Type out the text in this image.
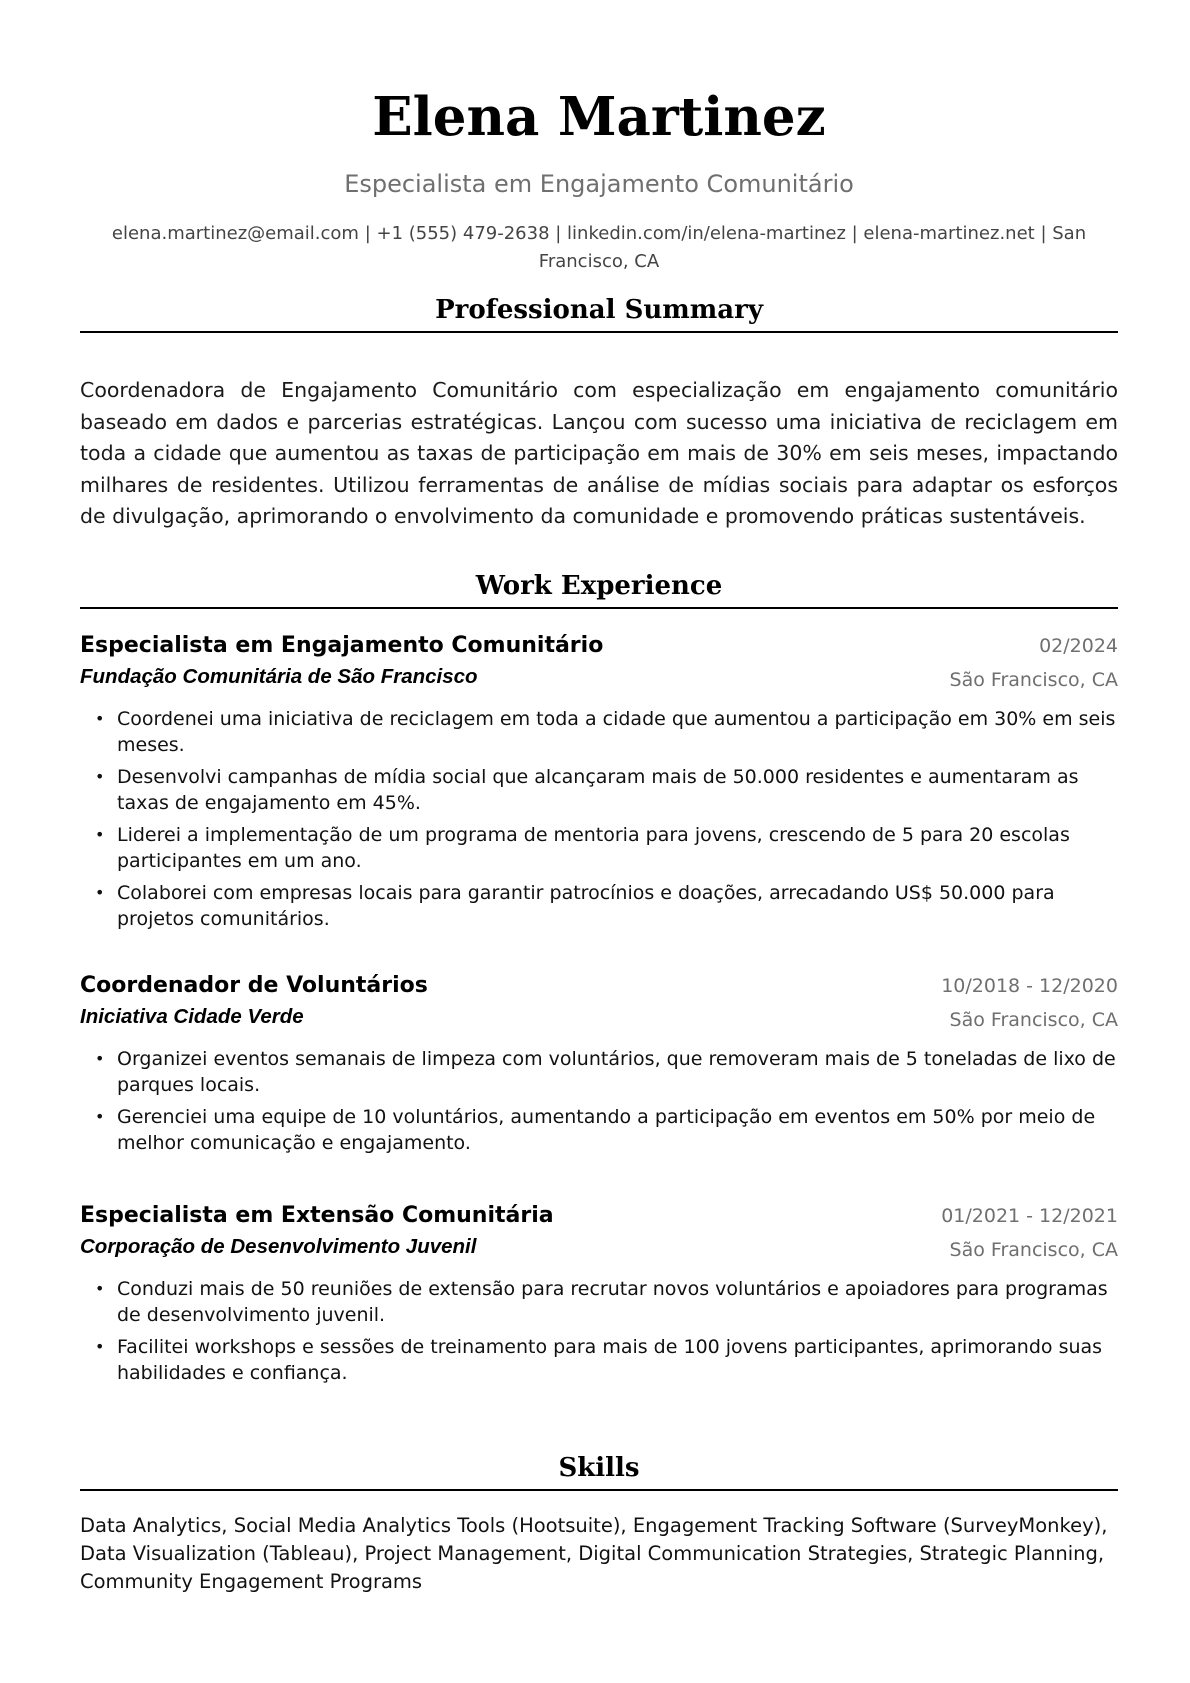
Elena Martinez

Especialista em Engajamento Comunitário

elena.martinez@email.com | +1 (555) 479-2638 | linkedin.com/in/elena-martinez | elena-martinez.net | San Francisco, CA
Professional Summary

Coordenadora de Engajamento Comunitário com especialização em engajamento comunitário baseado em dados e parcerias estratégicas. Lançou com sucesso uma iniciativa de reciclagem em toda a cidade que aumentou as taxas de participação em mais de 30% em seis meses, impactando milhares de residentes. Utilizou ferramentas de análise de mídias sociais para adaptar os esforços de divulgação, aprimorando o envolvimento da comunidade e promovendo práticas sustentáveis.

Work Experience
Especialista em Engajamento Comunitário	02/2024
Fundação Comunitária de São Francisco	São Francisco, CA
• Coordenei uma iniciativa de reciclagem em toda a cidade que aumentou a participação em 30% em seis meses.
• Desenvolvi campanhas de mídia social que alcançaram mais de 50.000 residentes e aumentaram as taxas de engajamento em 45%.
• Liderei a implementação de um programa de mentoria para jovens, crescendo de 5 para 20 escolas participantes em um ano.
• Colaborei com empresas locais para garantir patrocínios e doações, arrecadando US$ 50.000 para projetos comunitários.
Coordenador de Voluntários	10/2018 - 12/2020
Iniciativa Cidade Verde	São Francisco, CA
• Organizei eventos semanais de limpeza com voluntários, que removeram mais de 5 toneladas de lixo de parques locais.
• Gerenciei uma equipe de 10 voluntários, aumentando a participação em eventos em 50% por meio de melhor comunicação e engajamento.
Especialista em Extensão Comunitária	01/2021 - 12/2021
Corporação de Desenvolvimento Juvenil	São Francisco, CA
• Conduzi mais de 50 reuniões de extensão para recrutar novos voluntários e apoiadores para programas de desenvolvimento juvenil.
• Facilitei workshops e sessões de treinamento para mais de 100 jovens participantes, aprimorando suas habilidades e confiança.
Skills

Data Analytics, Social Media Analytics Tools (Hootsuite), Engagement Tracking Software (SurveyMonkey), Data Visualization (Tableau), Project Management, Digital Communication Strategies, Strategic Planning, Community Engagement Programs
